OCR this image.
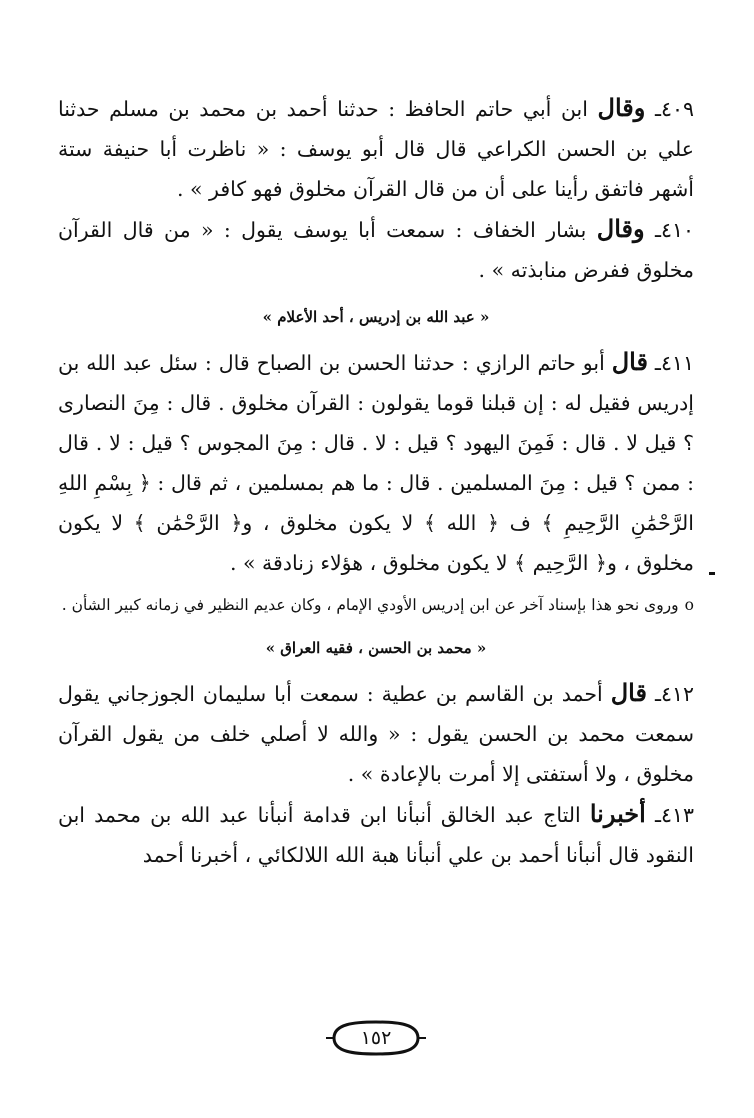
٤٠٩ـ وقال ابن أبي حاتم الحافظ : حدثنا أحمد بن محمد بن مسلم حدثنا علي بن الحسن الكراعي قال قال أبو يوسف : « ناظرت أبا حنيفة ستة أشهر فاتفق رأينا على أن من قال القرآن مخلوق فهو كافر » .

٤١٠ـ وقال بشار الخفاف : سمعت أبا يوسف يقول : « من قال القرآن مخلوق ففرض منابذته » .

« عبد الله بن إدريس ، أحد الأعلام »

٤١١ـ قال أبو حاتم الرازي : حدثنا الحسن بن الصباح قال : سئل عبد الله بن إدريس فقيل له : إن قبلنا قوما يقولون : القرآن مخلوق . قال : مِنَ النصارى ؟ قيل لا . قال : فَمِنَ اليهود ؟ قيل : لا . قال : مِنَ المجوس ؟ قيل : لا . قال : ممن ؟ قيل : مِنَ المسلمين . قال : ما هم بمسلمين ، ثم قال : ﴿ بِسْمِ اللهِ الرَّحْمَٰنِ الرَّحِيمِ ﴾ ف ﴿ الله ﴾ لا يكون مخلوق ، و﴿ الرَّحْمَٰن ﴾ لا يكون مخلوق ، و﴿ الرَّحِيم ﴾ لا يكون مخلوق ، هؤلاء زنادقة » .

oوروى نحو هذا بإسناد آخر عن ابن إدريس الأودي الإمام ، وكان عديم النظير في زمانه كبير الشأن .

« محمد بن الحسن ، فقيه العراق »

٤١٢ـ قال أحمد بن القاسم بن عطية : سمعت أبا سليمان الجوزجاني يقول سمعت محمد بن الحسن يقول : « والله لا أصلي خلف من يقول القرآن مخلوق ، ولا أستفتى إلا أمرت بالإعادة » .

٤١٣ـ أخبرنا التاج عبد الخالق أنبأنا ابن قدامة أنبأنا عبد الله بن محمد ابن النقود قال أنبأنا أحمد بن علي أنبأنا هبة الله اللالكائي ، أخبرنا أحمد

١٥٢
